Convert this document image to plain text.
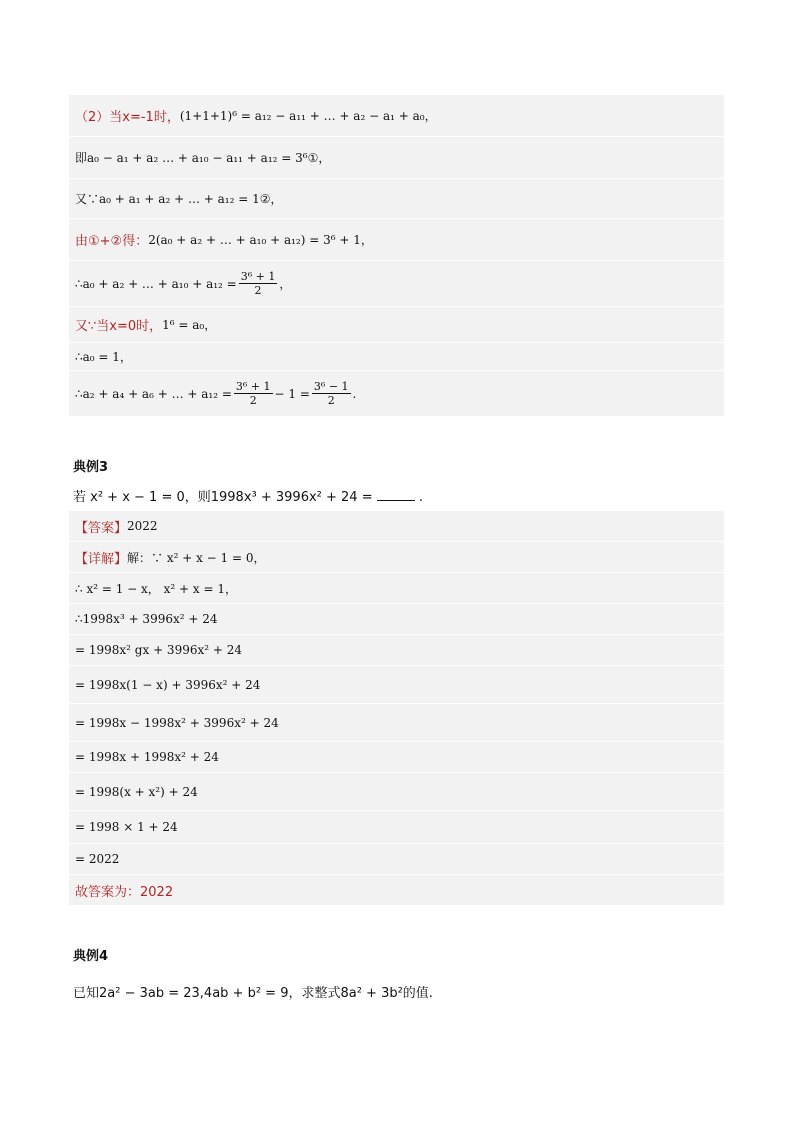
（2）当x=-1时， (1+1+1)⁶ = a₁₂ − a₁₁ + … + a₂ − a₁ + a₀，
即a₀ − a₁ + a₂ … + a₁₀ − a₁₁ + a₁₂ = 3⁶①，
又∵a₀ + a₁ + a₂ + … + a₁₂ = 1②，
由①+②得： 2(a₀ + a₂ + … + a₁₀ + a₁₂) = 3⁶ + 1，
∴a₀ + a₂ + … + $a_{10} + a_{12} = \frac{\text{3⁶ + 1}}{2}$ ，
又∵当x=0时， 1⁶ = a₀，
∴a₀ = 1，
∴a₂ + a₄ + a₆ + … + $a_{12} = \frac{\text{3⁶ + 1}}{2} - 1 = \frac{\text{3⁶ − 1}}{2}$ .
典例3
若 x² + x − 1 = 0，则1998x³ + 3996x² + 24 =	.
【答案】 2022
【详解】 解：∵ x² + x − 1 = 0，
∴ x² = 1 − x， x² + x = 1，
∴1998x³ + 3996x² + 24
= 1998x² gx + 3996x² + 24
= 1998x(1 − x) + 3996x² + 24
= 1998x − 1998x² + 3996x² + 24
= 1998x + 1998x² + 24
= 1998(x + x²) + 24
= 1998 × 1 + 24
= 2022
故答案为：2022
典例4
已知2a² − 3ab = 23,4ab + b² = 9，求整式8a² + 3b²的值.
